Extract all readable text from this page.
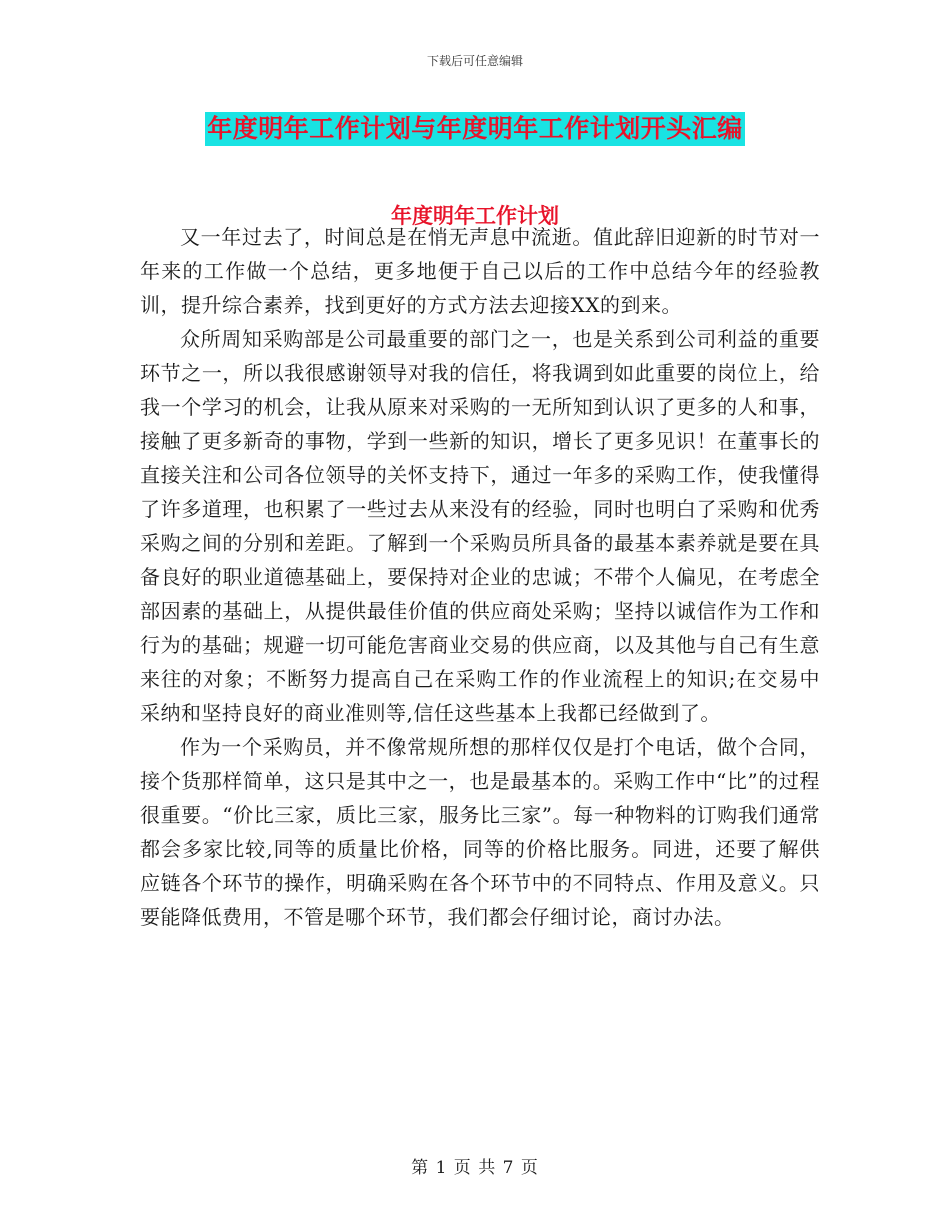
下载后可任意编辑
年度明年工作计划与年度明年工作计划开头汇编
年度明年工作计划

又一年过去了，时间总是在悄无声息中流逝。值此辞旧迎新的时节对一年来的工作做一个总结，更多地便于自己以后的工作中总结今年的经验教训，提升综合素养，找到更好的方式方法去迎接XX的到来。

众所周知采购部是公司最重要的部门之一，也是关系到公司利益的重要环节之一，所以我很感谢领导对我的信任，将我调到如此重要的岗位上，给我一个学习的机会，让我从原来对采购的一无所知到认识了更多的人和事，接触了更多新奇的事物，学到一些新的知识，增长了更多见识！在董事长的直接关注和公司各位领导的关怀支持下，通过一年多的采购工作，使我懂得了许多道理，也积累了一些过去从来没有的经验，同时也明白了采购和优秀采购之间的分别和差距。了解到一个采购员所具备的最基本素养就是要在具备良好的职业道德基础上，要保持对企业的忠诚；不带个人偏见，在考虑全部因素的基础上，从提供最佳价值的供应商处采购；坚持以诚信作为工作和行为的基础；规避一切可能危害商业交易的供应商，以及其他与自己有生意来往的对象；不断努力提高自己在采购工作的作业流程上的知识;在交易中采纳和坚持良好的商业准则等,信任这些基本上我都已经做到了。

作为一个采购员，并不像常规所想的那样仅仅是打个电话，做个合同，接个货那样简单，这只是其中之一，也是最基本的。采购工作中“比”的过程很重要。“价比三家，质比三家，服务比三家”。每一种物料的订购我们通常都会多家比较,同等的质量比价格，同等的价格比服务。同进，还要了解供应链各个环节的操作，明确采购在各个环节中的不同特点、作用及意义。只要能降低费用，不管是哪个环节，我们都会仔细讨论，商讨办法。

第 1 页 共 7 页
